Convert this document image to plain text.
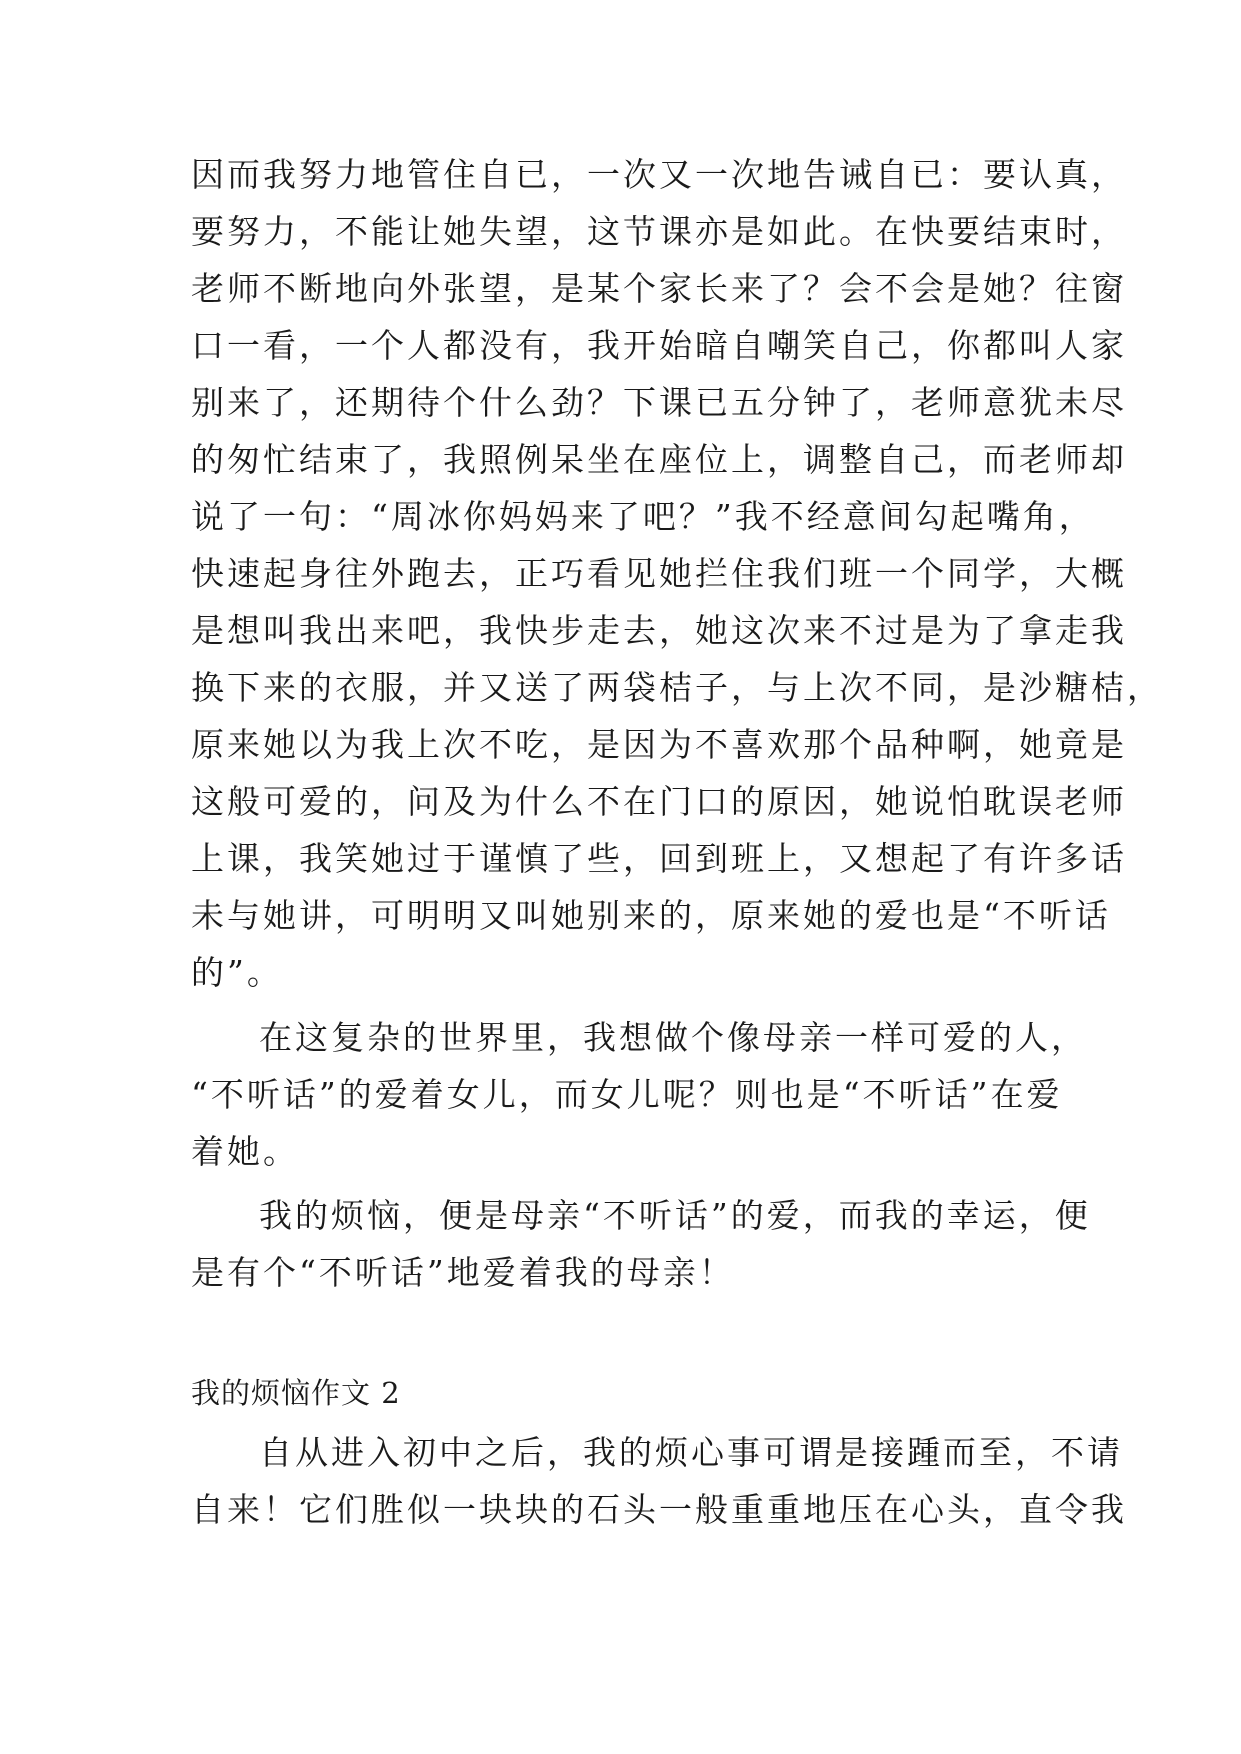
因而我努力地管住自已，一次又一次地告诫自已：要认真，
要努力，不能让她失望，这节课亦是如此。在快要结束时，
老师不断地向外张望，是某个家长来了？会不会是她？往窗
口一看，一个人都没有，我开始暗自嘲笑自己，你都叫人家
别来了，还期待个什么劲？下课已五分钟了，老师意犹未尽
的匆忙结束了，我照例呆坐在座位上，调整自己，而老师却
说了一句：“周冰你妈妈来了吧？”我不经意间勾起嘴角，
快速起身往外跑去，正巧看见她拦住我们班一个同学，大概
是想叫我出来吧，我快步走去，她这次来不过是为了拿走我
换下来的衣服，并又送了两袋桔子，与上次不同，是沙糖桔，
原来她以为我上次不吃，是因为不喜欢那个品种啊，她竟是
这般可爱的，问及为什么不在门口的原因，她说怕耽误老师
上课，我笑她过于谨慎了些，回到班上，又想起了有许多话
未与她讲，可明明又叫她别来的，原来她的爱也是“不听话
的”。
在这复杂的世界里，我想做个像母亲一样可爱的人，
“不听话”的爱着女儿，而女儿呢？则也是“不听话”在爱
着她。
我的烦恼，便是母亲“不听话”的爱，而我的幸运，便
是有个“不听话”地爱着我的母亲！
我的烦恼作文 2
自从进入初中之后，我的烦心事可谓是接踵而至，不请
自来！它们胜似一块块的石头一般重重地压在心头，直令我
